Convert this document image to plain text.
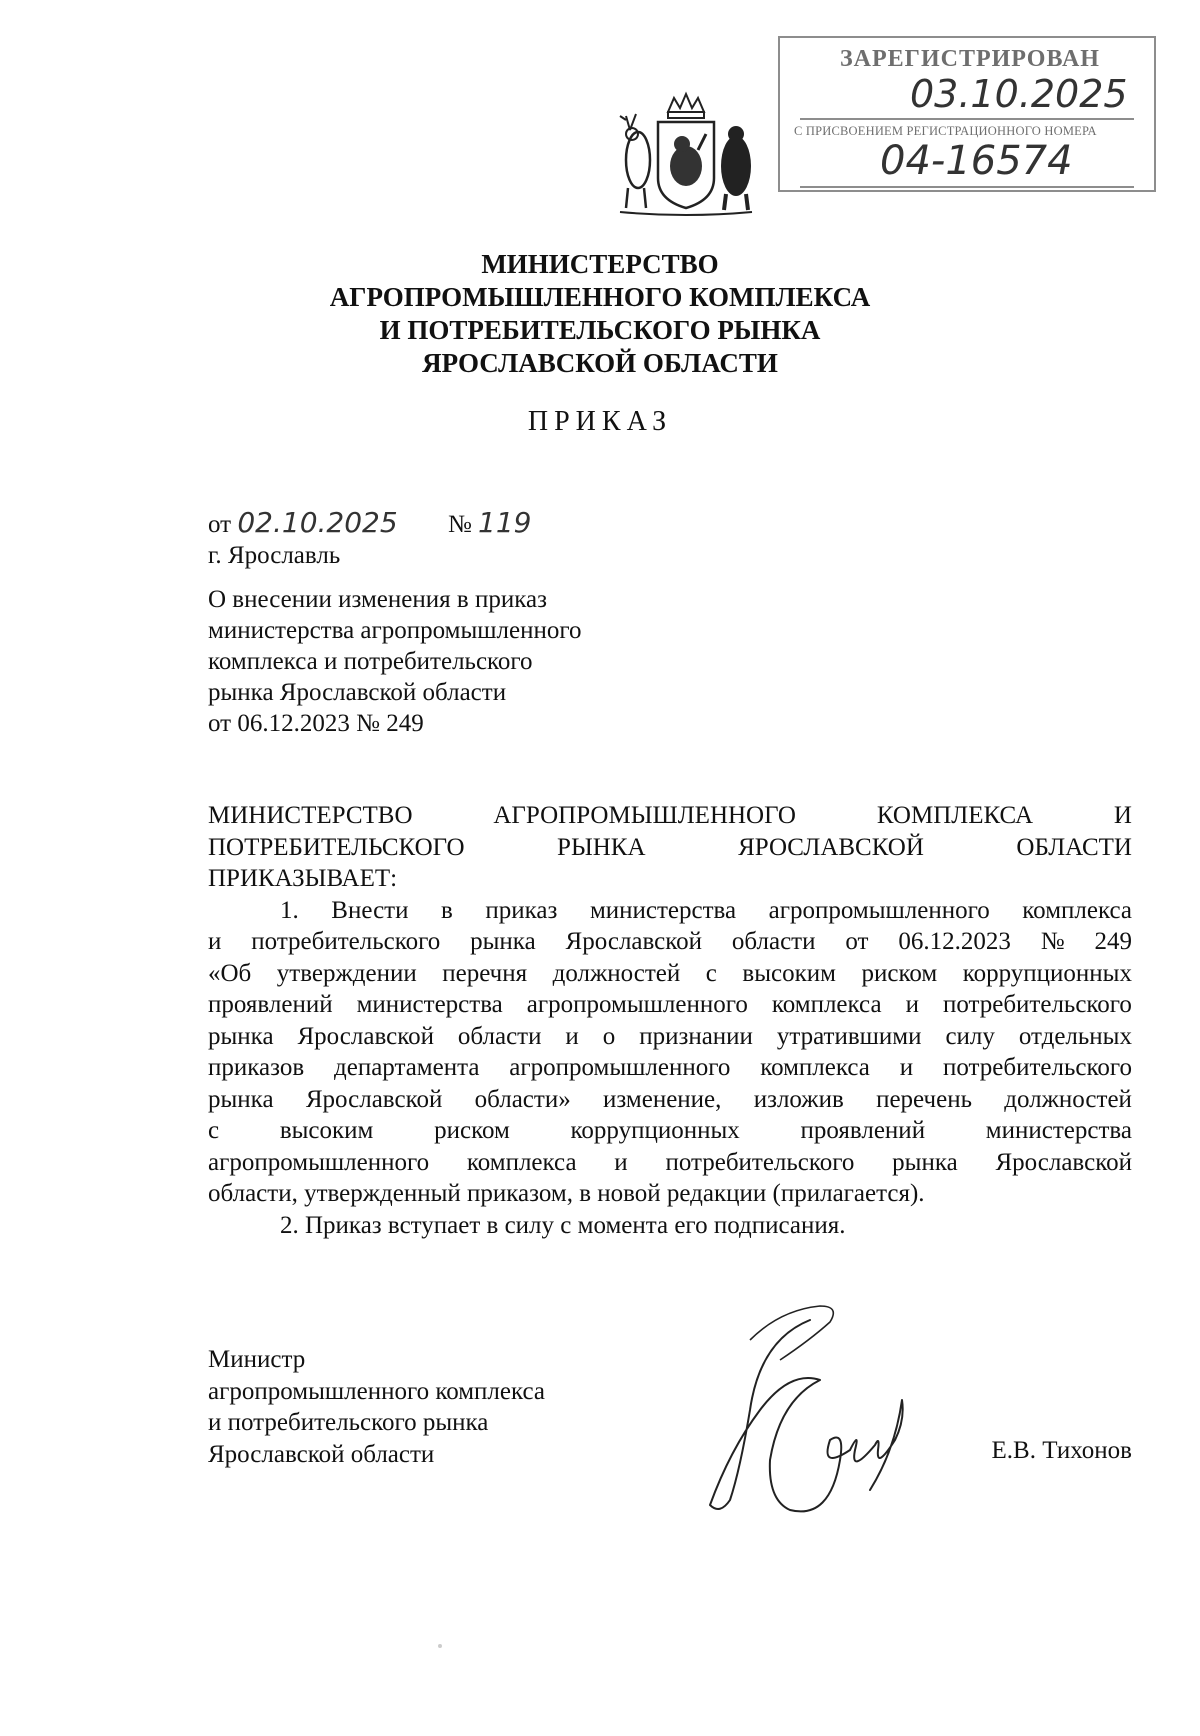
ЗАРЕГИСТРИРОВАН
03.10.2025
С ПРИСВОЕНИЕМ РЕГИСТРАЦИОННОГО НОМЕРА
04-16574
МИНИСТЕРСТВО
АГРОПРОМЫШЛЕННОГО КОМПЛЕКСА
И ПОТРЕБИТЕЛЬСКОГО РЫНКА
ЯРОСЛАВСКОЙ ОБЛАСТИ
ПРИКАЗ
от 02.10.2025 № 119
г. Ярославль
О внесении изменения в приказ
министерства агропромышленного
комплекса и потребительского
рынка Ярославской области
от 06.12.2023 № 249
МИНИСТЕРСТВО	АГРОПРОМЫШЛЕННОГО	КОМПЛЕКСА	И
ПОТРЕБИТЕЛЬСКОГО	РЫНКА	ЯРОСЛАВСКОЙ	ОБЛАСТИ
ПРИКАЗЫВАЕТ:
1. Внести в приказ министерства агропромышленного комплекса
и потребительского рынка Ярославской области от 06.12.2023 № 249
«Об утверждении перечня должностей с высоким риском коррупционных
проявлений министерства агропромышленного комплекса и потребительского
рынка Ярославской области и о признании утратившими силу отдельных
приказов департамента агропромышленного комплекса и потребительского
рынка Ярославской области» изменение, изложив перечень должностей
с высоким риском коррупционных проявлений министерства
агропромышленного комплекса и потребительского рынка Ярославской
области, утвержденный приказом, в новой редакции (прилагается).
2. Приказ вступает в силу с момента его подписания.
Министр
агропромышленного комплекса
и потребительского рынка
Ярославской области	Е.В. Тихонов
